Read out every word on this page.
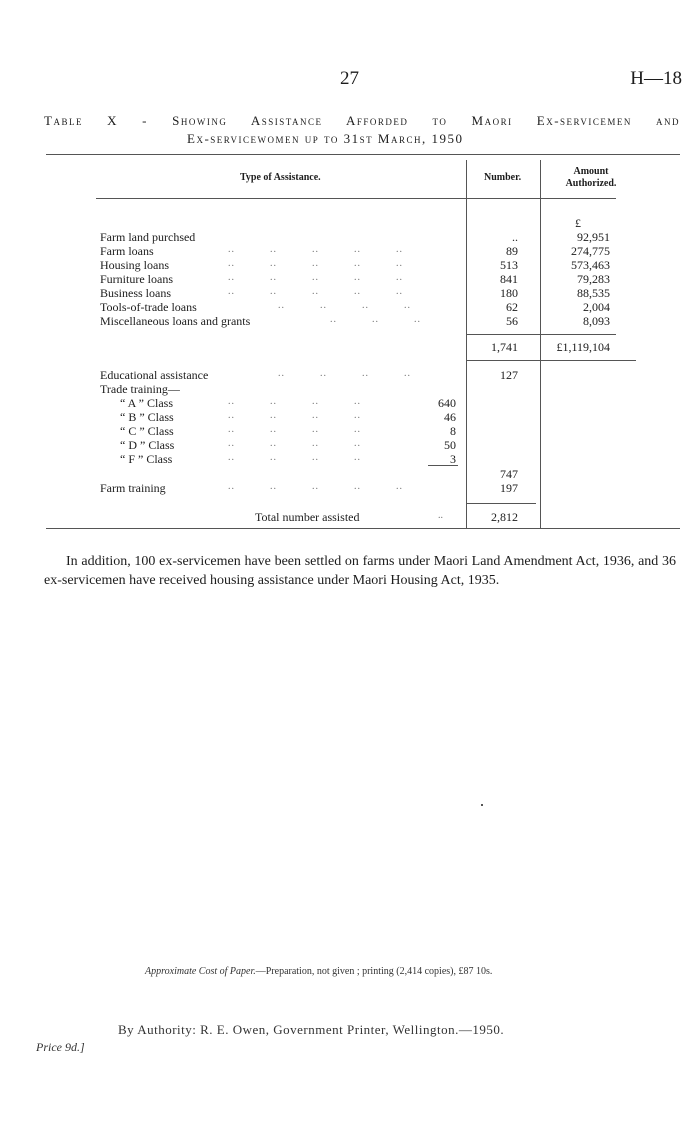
27	H—18
Table X - Showing Assistance Afforded to Maori Ex-servicemen and
Ex-servicewomen up to 31st March, 1950
Type of Assistance.	Number.
Amount
Authorized.
£
Farm land purchsed	..	92,951
Farm loans	..          ..          ..          ..          ..	89	274,775
Housing loans	..          ..          ..          ..          ..	513	573,463
Furniture loans	..          ..          ..          ..          ..	841	79,283
Business loans	..          ..          ..          ..          ..	180	88,535
Tools-of-trade loans	..          ..          ..          ..	62	2,004
Miscellaneous loans and grants	..          ..          ..	56	8,093
1,741	£1,119,104
Educational assistance	..          ..          ..          ..	127
Trade training—
“ A ” Class	..          ..          ..          ..	640
“ B ” Class	..          ..          ..          ..	46
“ C ” Class	..          ..          ..          ..	8
“ D ” Class	..          ..          ..          ..	50
“ F ” Class	..          ..          ..          ..	3
747
Farm training	..          ..          ..          ..          ..	197
Total number assisted	..	2,812
In addition, 100 ex-servicemen have been settled on farms under Maori Land Amendment Act, 1936, and 36 ex-servicemen have received housing assistance under Maori Housing Act, 1935.
Approximate Cost of Paper.—Preparation, not given ; printing (2,414 copies), £87 10s.
By Authority: R. E. Owen, Government Printer, Wellington.—1950.
Price 9d.]
